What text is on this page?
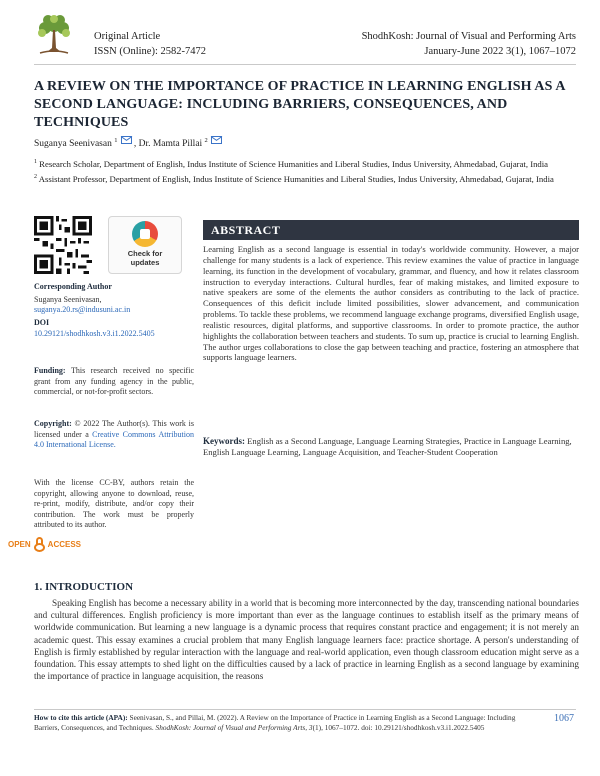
Original Article
ISSN (Online): 2582-7472
ShodhKosh: Journal of Visual and Performing Arts
January-June 2022 3(1), 1067–1072
A REVIEW ON THE IMPORTANCE OF PRACTICE IN LEARNING ENGLISH AS A SECOND LANGUAGE: INCLUDING BARRIERS, CONSEQUENCES, AND TECHNIQUES
Suganya Seenivasan $^1$ , Dr. Mamta Pillai $^2$

$^1$ Research Scholar, Department of English, Indus Institute of Science Humanities and Liberal Studies, Indus University, Ahmedabad, Gujarat, India

$^2$ Assistant Professor, Department of English, Indus Institute of Science Humanities and Liberal Studies, Indus University, Ahmedabad, Gujarat, India

Check for
updates
Corresponding Author
Suganya Seenivasan,
suganya.20.rs@indusuni.ac.in
DOI
10.29121/shodhkosh.v3.i1.2022.5405
Funding: This research received no specific grant from any funding agency in the public, commercial, or not-for-profit sectors.
Copyright: © 2022 The Author(s). This work is licensed under a Creative Commons Attribution 4.0 International License.
With the license CC-BY, authors retain the copyright, allowing anyone to download, reuse, re-print, modify, distribute, and/or copy their contribution. The work must be properly attributed to its author.
OPEN ACCESS
ABSTRACT
Learning English as a second language is essential in today's worldwide community. However, a major challenge for many students is a lack of experience. This review examines the value of practice in language learning, its function in the development of vocabulary, grammar, and fluency, and how it relates classroom instruction to everyday interactions. Cultural hurdles, fear of making mistakes, and limited exposure to native speakers are some of the elements the author considers as contributing to the lack of practice. Consequences of this deficit include limited possibilities, slower advancement, and communication problems. To tackle these problems, we recommend language exchange programs, diversified English usage, realistic resources, digital platforms, and supportive classrooms. In order to promote practice, the author highlights the collaboration between teachers and students. To sum up, practice is crucial to learning English. The author urges collaborations to close the gap between teaching and practice, fostering an atmosphere that supports language learners.
Keywords: English as a Second Language, Language Learning Strategies, Practice in Language Learning, English Language Learning, Language Acquisition, and Teacher-Student Cooperation
1. INTRODUCTION
Speaking English has become a necessary ability in a world that is becoming more interconnected by the day, transcending national boundaries and cultural differences. English proficiency is more important than ever as the language continues to establish itself as the primary means of worldwide communication. But learning a new language is a dynamic process that requires constant practice and engagement; it is not merely an academic quest. This essay examines a crucial problem that many English language learners face: practice shortage. A person's understanding of English is firmly established by regular interaction with the language and real-world application, even though classroom education might serve as a foundation. This essay attempts to shed light on the difficulties caused by a lack of practice in learning English as a second language by examining the importance of practice in language acquisition, the reasons
How to cite this article (APA): Seenivasan, S., and Pillai, M. (2022). A Review on the Importance of Practice in Learning English as a Second Language: Including Barriers, Consequences, and Techniques. ShodhKosh: Journal of Visual and Performing Arts, 3(1), 1067–1072. doi: 10.29121/shodhkosh.v3.i1.2022.5405
1067
